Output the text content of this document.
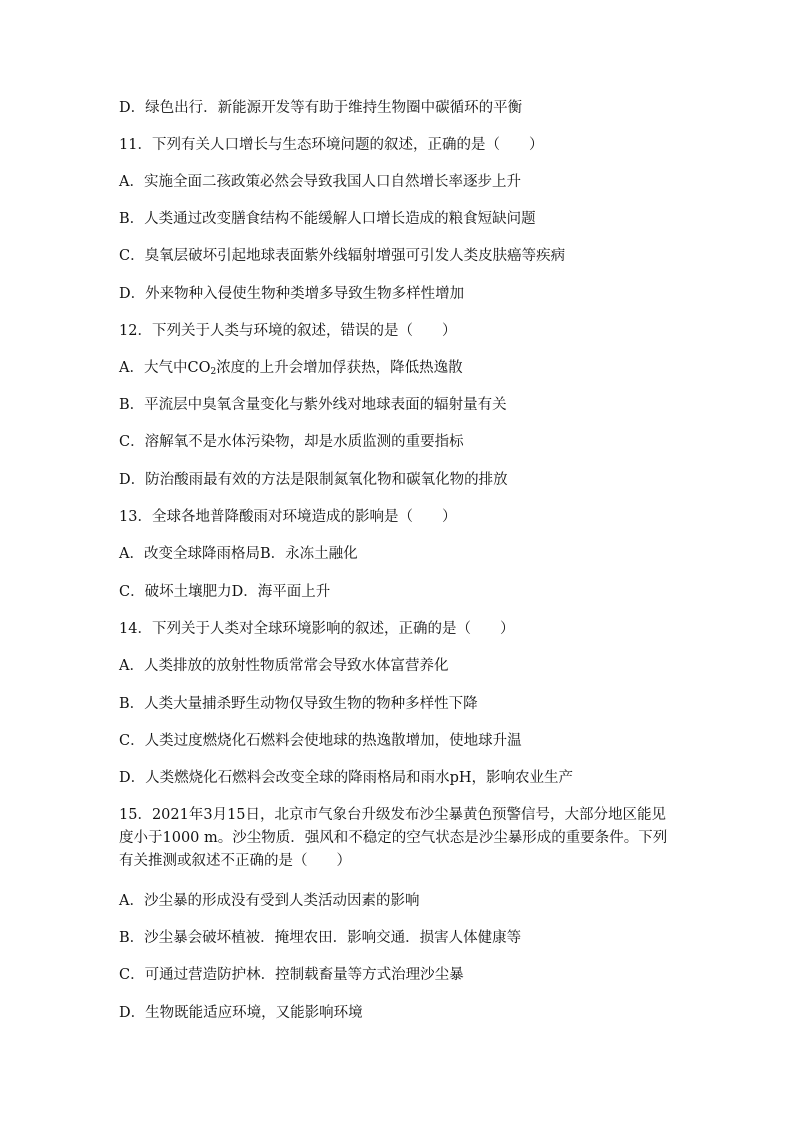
D．绿色出行．新能源开发等有助于维持生物圈中碳循环的平衡
11．下列有关人口增长与生态环境问题的叙述，正确的是（　　）
A．实施全面二孩政策必然会导致我国人口自然增长率逐步上升
B．人类通过改变膳食结构不能缓解人口增长造成的粮食短缺问题
C．臭氧层破坏引起地球表面紫外线辐射增强可引发人类皮肤癌等疾病
D．外来物种入侵使生物种类增多导致生物多样性增加
12．下列关于人类与环境的叙述，错误的是（　　）
A．大气中$CO_2$浓度的上升会增加俘获热，降低热逸散
B．平流层中臭氧含量变化与紫外线对地球表面的辐射量有关
C．溶解氧不是水体污染物，却是水质监测的重要指标
D．防治酸雨最有效的方法是限制氮氧化物和碳氧化物的排放
13．全球各地普降酸雨对环境造成的影响是（　　）
A．改变全球降雨格局B．永冻土融化
C．破坏土壤肥力D．海平面上升
14．下列关于人类对全球环境影响的叙述，正确的是（　　）
A．人类排放的放射性物质常常会导致水体富营养化
B．人类大量捕杀野生动物仅导致生物的物种多样性下降
C．人类过度燃烧化石燃料会使地球的热逸散增加，使地球升温
D．人类燃烧化石燃料会改变全球的降雨格局和雨水pH，影响农业生产
15．2021年3月15日，北京市气象台升级发布沙尘暴黄色预警信号，大部分地区能见度小于1000 m。沙尘物质．强风和不稳定的空气状态是沙尘暴形成的重要条件。下列有关推测或叙述不正确的是（　　）
A．沙尘暴的形成没有受到人类活动因素的影响
B．沙尘暴会破坏植被．掩埋农田．影响交通．损害人体健康等
C．可通过营造防护林．控制载畜量等方式治理沙尘暴
D．生物既能适应环境，又能影响环境
